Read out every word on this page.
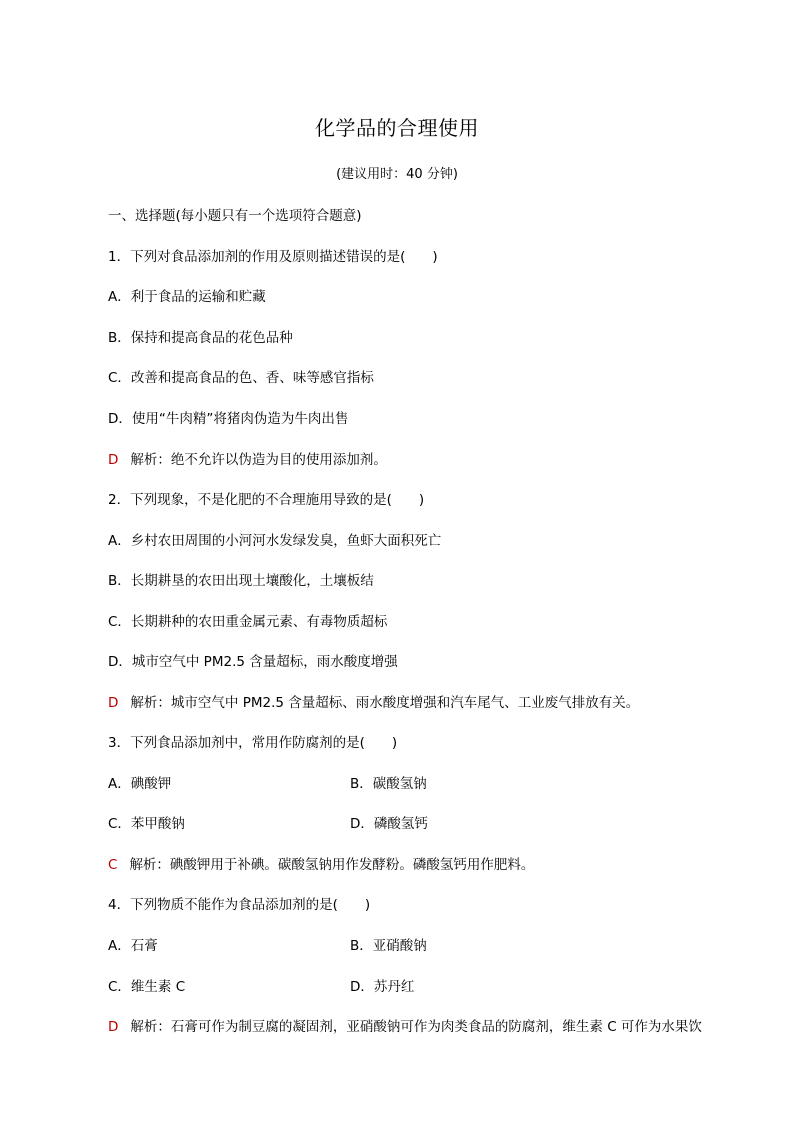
化学品的合理使用
(建议用时：40 分钟)
一、选择题(每小题只有一个选项符合题意)
1．下列对食品添加剂的作用及原则描述错误的是(　　)
A．利于食品的运输和贮藏
B．保持和提高食品的花色品种
C．改善和提高食品的色、香、味等感官指标
D．使用“牛肉精”将猪肉伪造为牛肉出售
D 解析：绝不允许以伪造为目的使用添加剂。
2．下列现象，不是化肥的不合理施用导致的是(　　)
A．乡村农田周围的小河河水发绿发臭，鱼虾大面积死亡
B．长期耕垦的农田出现土壤酸化，土壤板结
C．长期耕种的农田重金属元素、有毒物质超标
D．城市空气中 PM2.5 含量超标，雨水酸度增强
D 解析：城市空气中 PM2.5 含量超标、雨水酸度增强和汽车尾气、工业废气排放有关。
3．下列食品添加剂中，常用作防腐剂的是(　　)
A．碘酸钾	B．碳酸氢钠
C．苯甲酸钠	D．磷酸氢钙
C 解析：碘酸钾用于补碘。碳酸氢钠用作发酵粉。磷酸氢钙用作肥料。
4．下列物质不能作为食品添加剂的是(　　)
A．石膏	B．亚硝酸钠
C．维生素 C	D．苏丹红
D 解析：石膏可作为制豆腐的凝固剂，亚硝酸钠可作为肉类食品的防腐剂，维生素 C 可作为水果饮
